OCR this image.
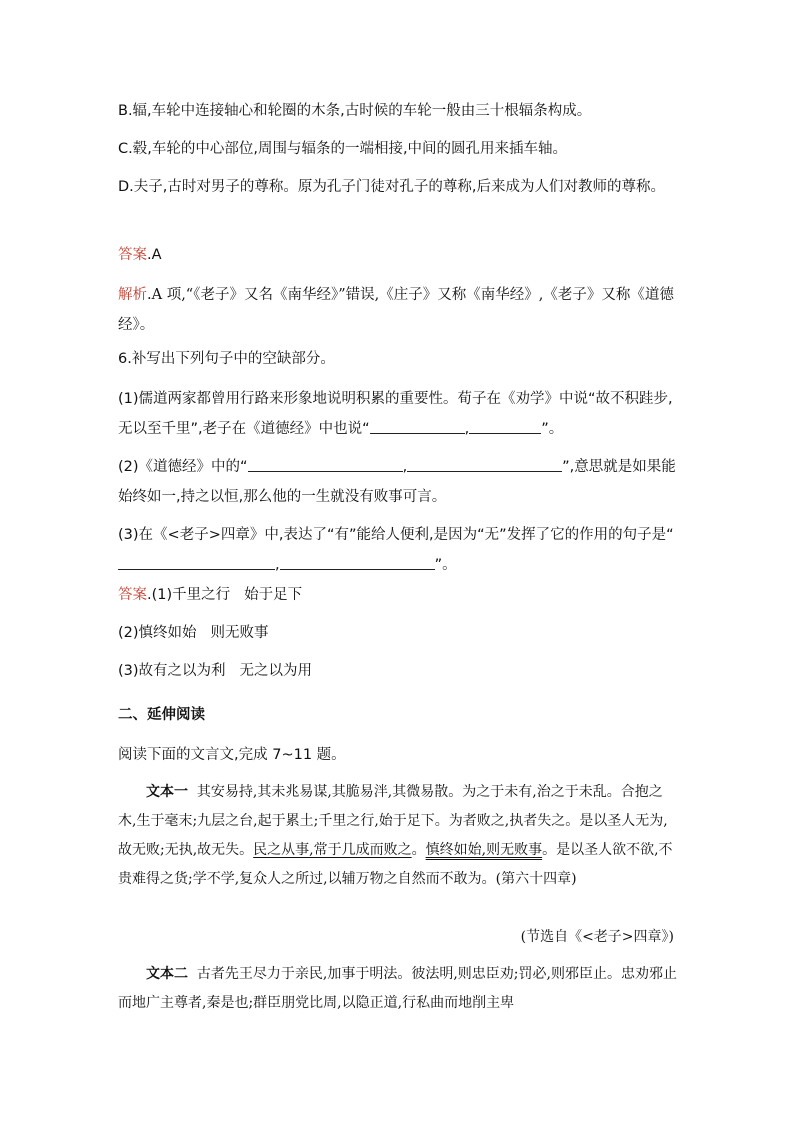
B.辐,车轮中连接轴心和轮圈的木条,古时候的车轮一般由三十根辐条构成。

C.毂,车轮的中心部位,周围与辐条的一端相接,中间的圆孔用来插车轴。

D.夫子,古时对男子的尊称。原为孔子门徒对孔子的尊称,后来成为人们对教师的尊称。

答案.A

解析.A 项,“《老子》又名《南华经》”错误,《庄子》又称《南华经》,《老子》又称《道德经》。

6.补写出下列句子中的空缺部分。

(1)儒道两家都曾用行路来形象地说明积累的重要性。荀子在《劝学》中说“故不积跬步,无以至千里”,老子在《道德经》中也说“	,	”。

(2)《道德经》中的“	,	”,意思就是如果能始终如一,持之以恒,那么他的一生就没有败事可言。

(3)在《<老子>四章》中,表达了“有”能给人便利,是因为“无”发挥了它的作用的句子是“,	”。

答案.(1)千里之行 始于足下

(2)慎终如始 则无败事

(3)故有之以为利 无之以为用

二、延伸阅读

阅读下面的文言文,完成 7~11 题。

文本一 其安易持,其未兆易谋,其脆易泮,其微易散。为之于未有,治之于未乱。合抱之木,生于毫末;九层之台,起于累土;千里之行,始于足下。为者败之,执者失之。是以圣人无为,故无败;无执,故无失。民之从事,常于几成而败之。慎终如始,则无败事。是以圣人欲不欲,不贵难得之货;学不学,复众人之所过,以辅万物之自然而不敢为。(第六十四章)

(节选自《<老子>四章》)

文本二 古者先王尽力于亲民,加事于明法。彼法明,则忠臣劝;罚必,则邪臣止。忠劝邪止而地广主尊者,秦是也;群臣朋党比周,以隐正道,行私曲而地削主卑
